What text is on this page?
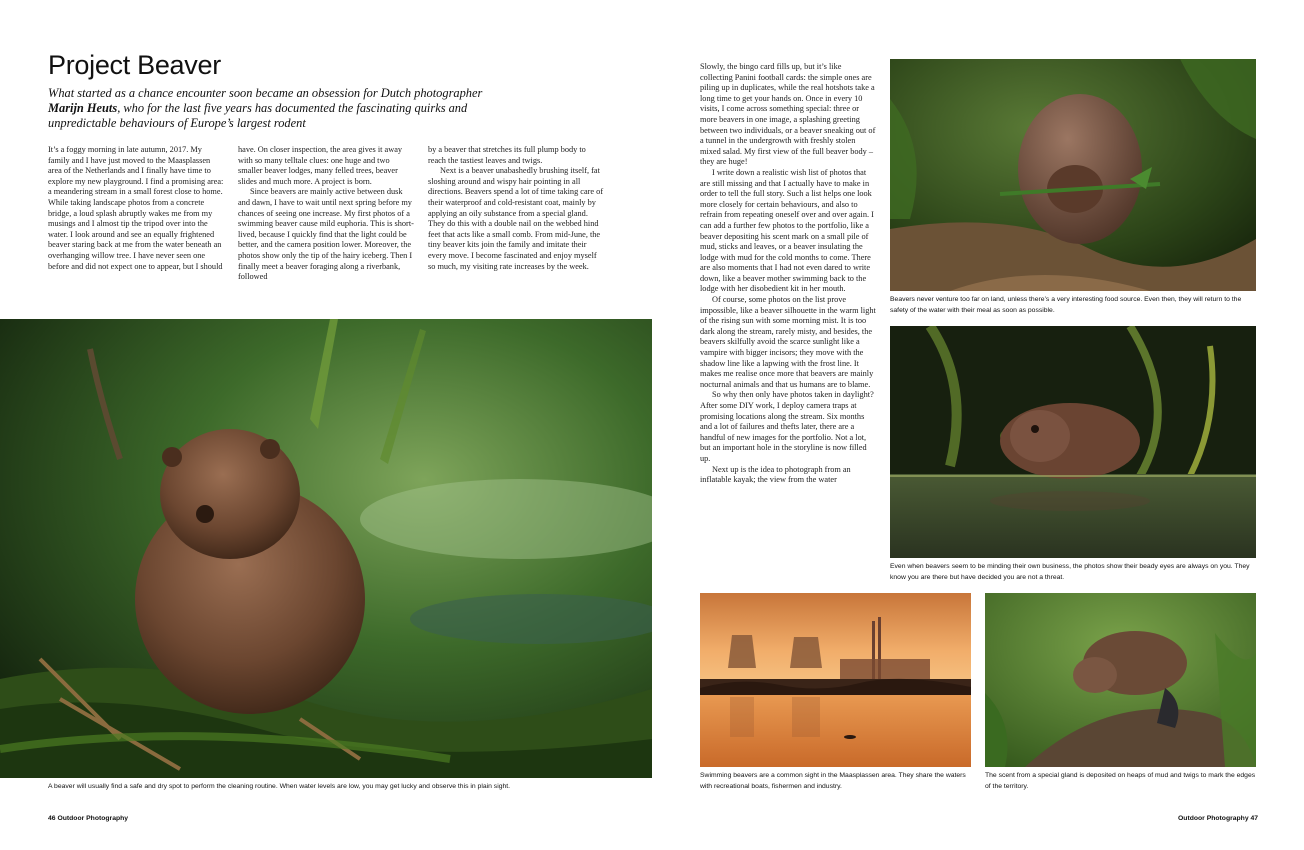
Project Beaver

What started as a chance encounter soon became an obsession for Dutch photographer Marijn Heuts, who for the last five years has documented the fascinating quirks and unpredictable behaviours of Europe’s largest rodent

It’s a foggy morning in late autumn, 2017. My family and I have just moved to the Maasplassen area of the Netherlands and I finally have time to explore my new playground. I find a promising area: a meandering stream in a small forest close to home. While taking landscape photos from a concrete bridge, a loud splash abruptly wakes me from my musings and I almost tip the tripod over into the water. I look around and see an equally frightened beaver staring back at me from the water beneath an overhanging willow tree. I have never seen one before and did not expect one to appear, but I should

have. On closer inspection, the area gives it away with so many telltale clues: one huge and two smaller beaver lodges, many felled trees, beaver slides and much more. A project is born.

Since beavers are mainly active between dusk and dawn, I have to wait until next spring before my chances of seeing one increase. My first photos of a swimming beaver cause mild euphoria. This is short-lived, because I quickly find that the light could be better, and the camera position lower. Moreover, the photos show only the tip of the hairy iceberg. Then I finally meet a beaver foraging along a riverbank, followed

by a beaver that stretches its full plump body to reach the tastiest leaves and twigs.

Next is a beaver unabashedly brushing itself, fat sloshing around and wispy hair pointing in all directions. Beavers spend a lot of time taking care of their waterproof and cold-resistant coat, mainly by applying an oily substance from a special gland. They do this with a double nail on the webbed hind feet that acts like a small comb. From mid-June, the tiny beaver kits join the family and imitate their every move. I become fascinated and enjoy myself so much, my visiting rate increases by the week.

A beaver will usually find a safe and dry spot to perform the cleaning routine. When water levels are low, you may get lucky and observe this in plain sight.
46 Outdoor Photography

Slowly, the bingo card fills up, but it’s like collecting Panini football cards: the simple ones are piling up in duplicates, while the real hotshots take a long time to get your hands on. Once in every 10 visits, I come across something special: three or more beavers in one image, a splashing greeting between two individuals, or a beaver sneaking out of a tunnel in the undergrowth with freshly stolen mixed salad. My first view of the full beaver body – they are huge!

I write down a realistic wish list of photos that are still missing and that I actually have to make in order to tell the full story. Such a list helps one look more closely for certain behaviours, and also to refrain from repeating oneself over and over again. I can add a further few photos to the portfolio, like a beaver depositing his scent mark on a small pile of mud, sticks and leaves, or a beaver insulating the lodge with mud for the cold months to come. There are also moments that I had not even dared to write down, like a beaver mother swimming back to the lodge with her disobedient kit in her mouth.

Of course, some photos on the list prove impossible, like a beaver silhouette in the warm light of the rising sun with some morning mist. It is too dark along the stream, rarely misty, and besides, the beavers skilfully avoid the scarce sunlight like a vampire with bigger incisors; they move with the shadow line like a lapwing with the frost line. It makes me realise once more that beavers are mainly nocturnal animals and that us humans are to blame.

So why then only have photos taken in daylight? After some DIY work, I deploy camera traps at promising locations along the stream. Six months and a lot of failures and thefts later, there are a handful of new images for the portfolio. Not a lot, but an important hole in the storyline is now filled up.

Next up is the idea to photograph from an inflatable kayak; the view from the water

Beavers never venture too far on land, unless there’s a very interesting food source. Even then, they will return to the safety of the water with their meal as soon as possible.
Even when beavers seem to be minding their own business, the photos show their beady eyes are always on you. They know you are there but have decided you are not a threat.
Swimming beavers are a common sight in the Maasplassen area. They share the waters with recreational boats, fishermen and industry.
The scent from a special gland is deposited on heaps of mud and twigs to mark the edges of the territory.
Outdoor Photography 47
